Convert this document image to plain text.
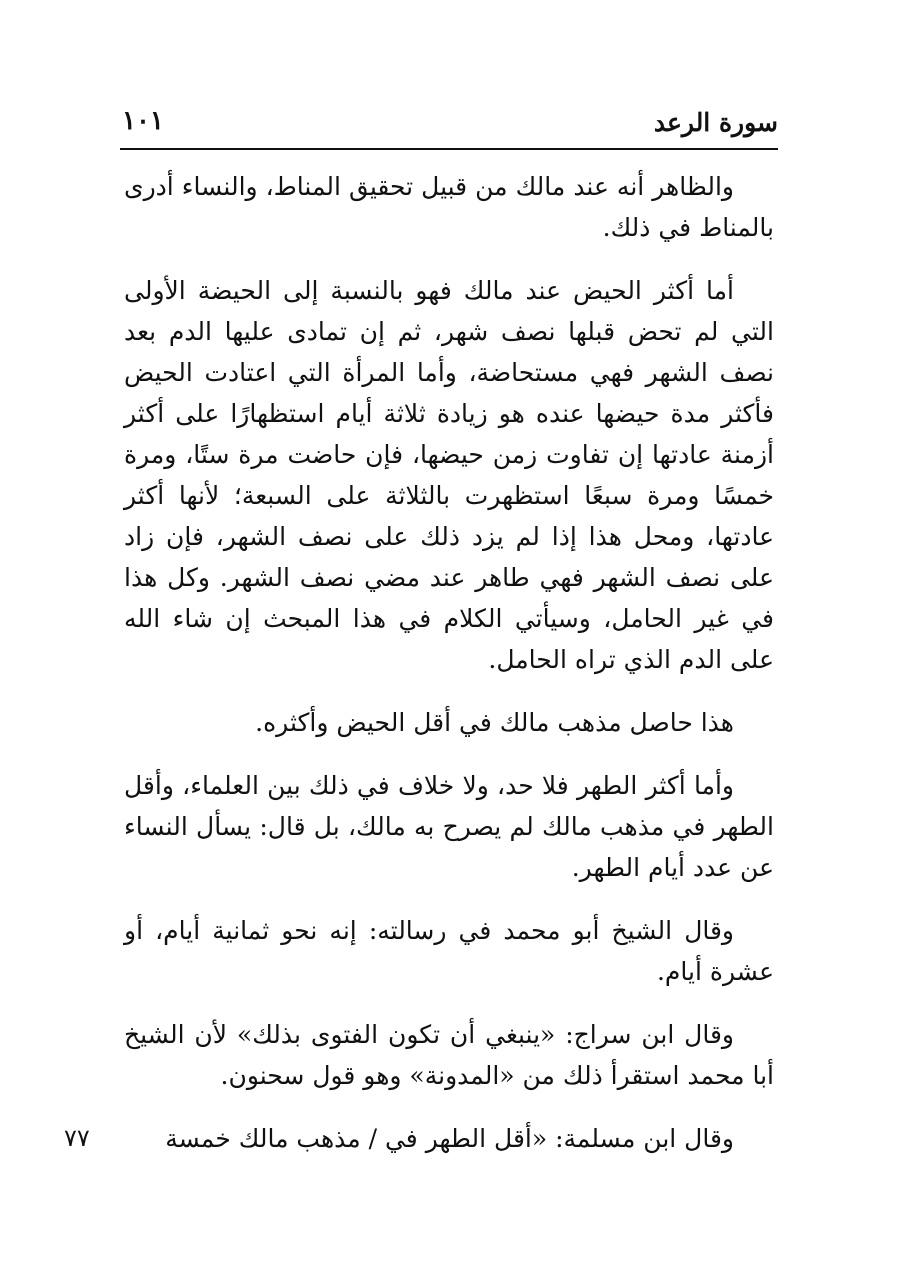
سورة الرعد
١٠١

والظاهر أنه عند مالك من قبيل تحقيق المناط، والنساء أدرى بالمناط في ذلك.

أما أكثر الحيض عند مالك فهو بالنسبة إلى الحيضة الأولى التي لم تحض قبلها نصف شهر، ثم إن تمادى عليها الدم بعد نصف الشهر فهي مستحاضة، وأما المرأة التي اعتادت الحيض فأكثر مدة حيضها عنده هو زيادة ثلاثة أيام استظهارًا على أكثر أزمنة عادتها إن تفاوت زمن حيضها، فإن حاضت مرة ستًا، ومرة خمسًا ومرة سبعًا استظهرت بالثلاثة على السبعة؛ لأنها أكثر عادتها، ومحل هذا إذا لم يزد ذلك على نصف الشهر، فإن زاد على نصف الشهر فهي طاهر عند مضي نصف الشهر. وكل هذا في غير الحامل، وسيأتي الكلام في هذا المبحث إن شاء الله على الدم الذي تراه الحامل.

هذا حاصل مذهب مالك في أقل الحيض وأكثره.

وأما أكثر الطهر فلا حد، ولا خلاف في ذلك بين العلماء، وأقل الطهر في مذهب مالك لم يصرح به مالك، بل قال: يسأل النساء عن عدد أيام الطهر.

وقال الشيخ أبو محمد في رسالته: إنه نحو ثمانية أيام، أو عشرة أيام.

وقال ابن سراج: «ينبغي أن تكون الفتوى بذلك» لأن الشيخ أبا محمد استقرأ ذلك من «المدونة» وهو قول سحنون.

وقال ابن مسلمة: «أقل الطهر في / مذهب مالك خمسة

٧٧
